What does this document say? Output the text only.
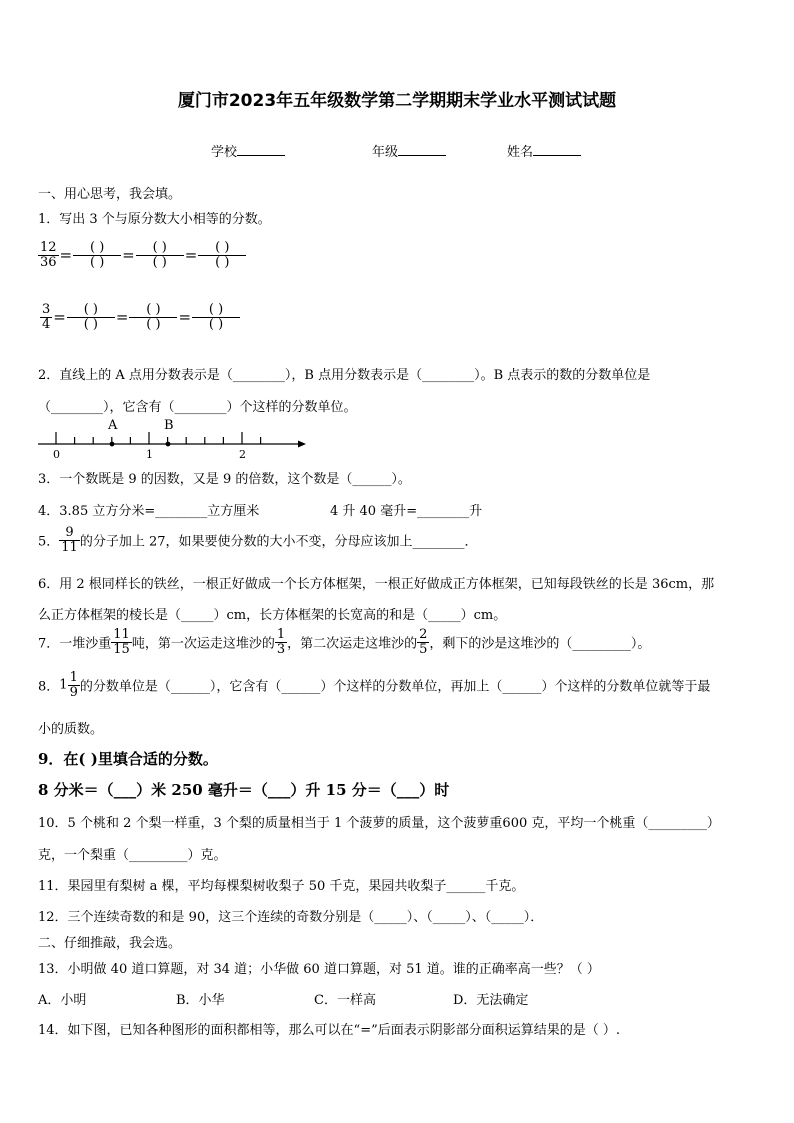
厦门市2023年五年级数学第二学期期末学业水平测试试题
学校	年级	姓名
一、用心思考，我会填。
1．写出 3 个与原分数大小相等的分数。
$\frac{12}{36}$ =	( )
( )	=	( )
( )	=	( )
( )
$\frac{3}{4}$ =	( )
( )	=	( )
( )	=	( )
( )
2．直线上的 A 点用分数表示是（________），B 点用分数表示是（________）。B 点表示的数的分数单位是
（________），它含有（________）个这样的分数单位。
A	B
0	1	2
3．一个数既是 9 的因数，又是 9 的倍数，这个数是（______）。
4．3.85 立方分米=________立方厘米	4 升 40 毫升=________升
5． $\frac{9}{11}$ 的分子加上 27，如果要使分数的大小不变，分母应该加上________．
6．用 2 根同样长的铁丝，一根正好做成一个长方体框架，一根正好做成正方体框架，已知每段铁丝的长是 36cm，那
么正方体框架的棱长是（_____）cm，长方体框架的长宽高的和是（_____）cm。
7．一堆沙重 $\frac{11}{15}$ 吨，第一次运走这堆沙的 $\frac{1}{3}$ ，第二次运走这堆沙的 $\frac{2}{5}$ ，剩下的沙是这堆沙的（_________）。
8．$1 \frac{1}{9}$ 的分数单位是（______），它含有（______）个这样的分数单位，再加上（______）个这样的分数单位就等于最
小的质数。
9．在( )里填合适的分数。
8 分米＝（___）米 250 毫升＝（___）升 15 分＝（___）时
10．5 个桃和 2 个梨一样重，3 个梨的质量相当于 1 个菠萝的质量，这个菠萝重600 克，平均一个桃重（_________）
克，一个梨重（_________）克。
11．果园里有梨树 a 棵，平均每棵梨树收梨子 50 千克，果园共收梨子______千克。
12．三个连续奇数的和是 90，这三个连续的奇数分别是（_____）、（_____）、（_____）．
二、仔细推敲，我会选。
13．小明做 40 道口算题，对 34 道；小华做 60 道口算题，对 51 道。谁的正确率高一些？（ ）
A．小明	B．小华	C．一样高	D．无法确定
14．如下图，已知各种图形的面积都相等，那么可以在“=”后面表示阴影部分面积运算结果的是（ ）.
